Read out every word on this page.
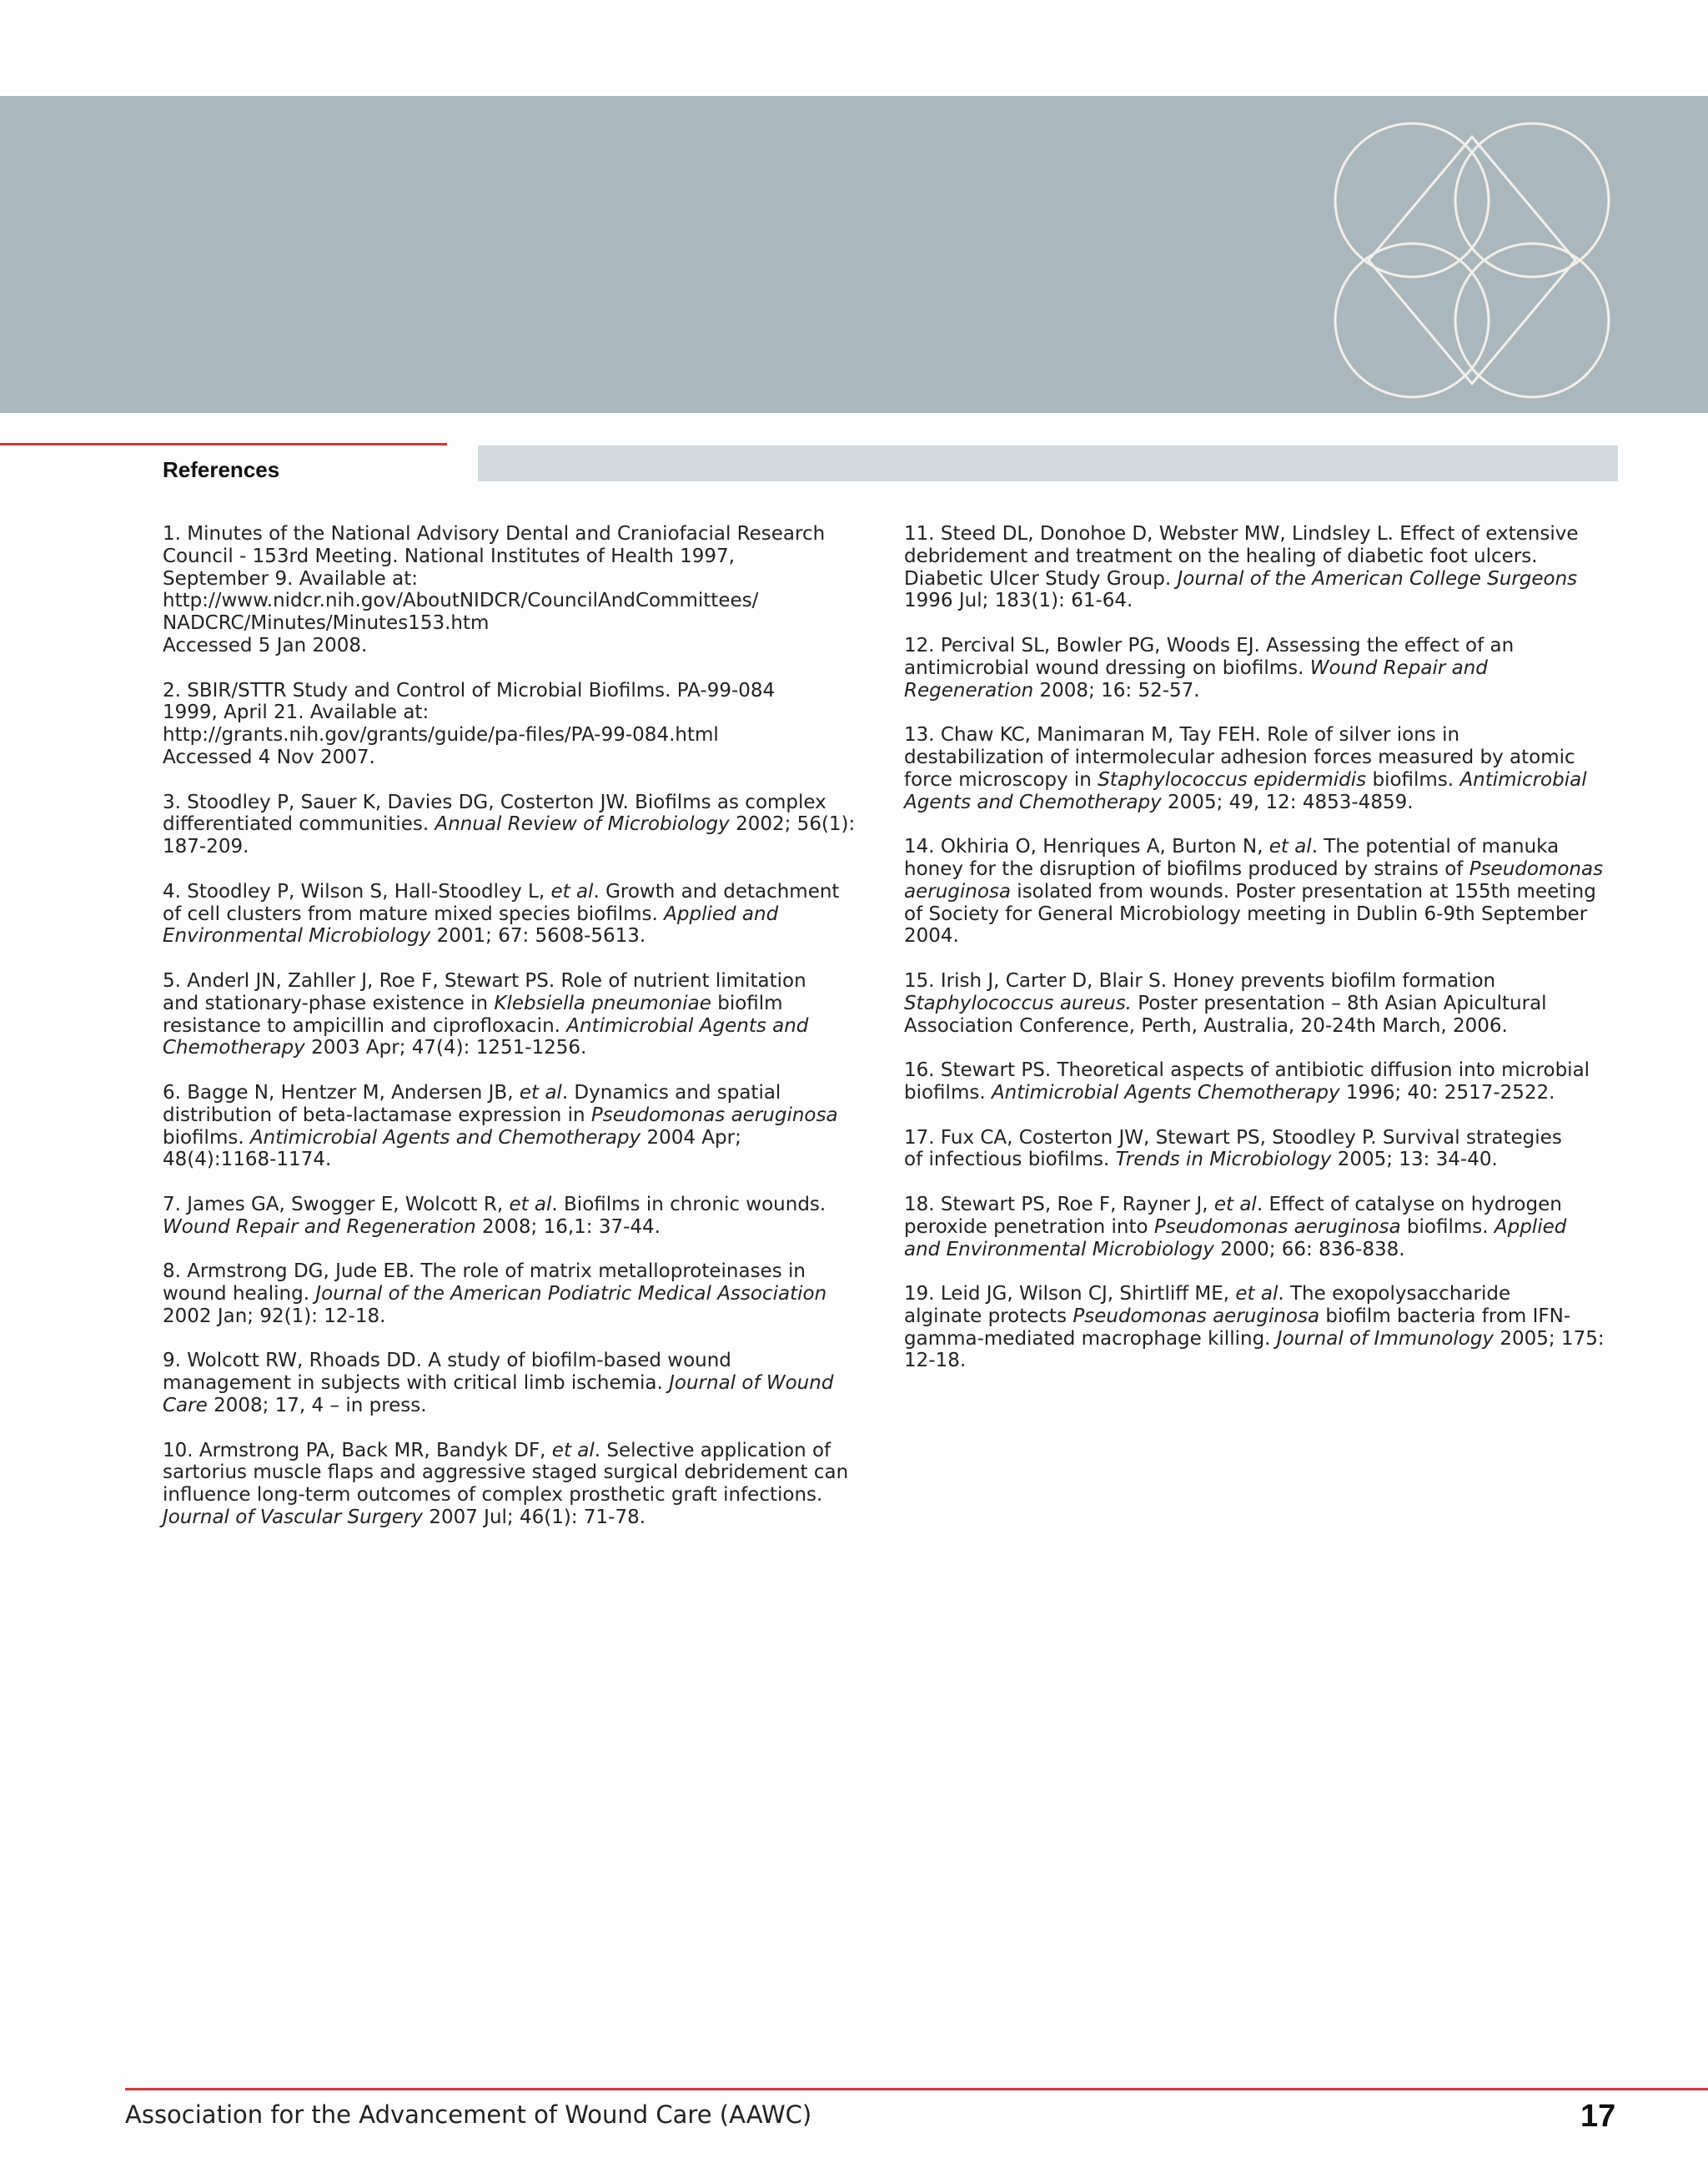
References
1. Minutes of the National Advisory Dental and Craniofacial Research
Council - 153rd Meeting. National Institutes of Health 1997,
September 9. Available at:
http://www.nidcr.nih.gov/AboutNIDCR/CouncilAndCommittees/
NADCRC/Minutes/Minutes153.htm
Accessed 5 Jan 2008.
2. SBIR/STTR Study and Control of Microbial Biofilms. PA-99-084
1999, April 21. Available at:
http://grants.nih.gov/grants/guide/pa-files/PA-99-084.html
Accessed 4 Nov 2007.
3. Stoodley P, Sauer K, Davies DG, Costerton JW. Biofilms as complex
differentiated communities. Annual Review of Microbiology 2002; 56(1):
187-209.
4. Stoodley P, Wilson S, Hall-Stoodley L, et al. Growth and detachment
of cell clusters from mature mixed species biofilms. Applied and
Environmental Microbiology 2001; 67: 5608-5613.
5. Anderl JN, Zahller J, Roe F, Stewart PS. Role of nutrient limitation
and stationary-phase existence in Klebsiella pneumoniae biofilm
resistance to ampicillin and ciprofloxacin. Antimicrobial Agents and
Chemotherapy 2003 Apr; 47(4): 1251-1256.
6. Bagge N, Hentzer M, Andersen JB, et al. Dynamics and spatial
distribution of beta-lactamase expression in Pseudomonas aeruginosa
biofilms. Antimicrobial Agents and Chemotherapy 2004 Apr;
48(4):1168-1174.
7. James GA, Swogger E, Wolcott R, et al. Biofilms in chronic wounds.
Wound Repair and Regeneration 2008; 16,1: 37-44.
8. Armstrong DG, Jude EB. The role of matrix metalloproteinases in
wound healing. Journal of the American Podiatric Medical Association
2002 Jan; 92(1): 12-18.
9. Wolcott RW, Rhoads DD. A study of biofilm-based wound
management in subjects with critical limb ischemia. Journal of Wound
Care 2008; 17, 4 – in press.
10. Armstrong PA, Back MR, Bandyk DF, et al. Selective application of
sartorius muscle flaps and aggressive staged surgical debridement can
influence long-term outcomes of complex prosthetic graft infections.
Journal of Vascular Surgery 2007 Jul; 46(1): 71-78.
11. Steed DL, Donohoe D, Webster MW, Lindsley L. Effect of extensive
debridement and treatment on the healing of diabetic foot ulcers.
Diabetic Ulcer Study Group. Journal of the American College Surgeons
1996 Jul; 183(1): 61-64.
12. Percival SL, Bowler PG, Woods EJ. Assessing the effect of an
antimicrobial wound dressing on biofilms. Wound Repair and
Regeneration 2008; 16: 52-57.
13. Chaw KC, Manimaran M, Tay FEH. Role of silver ions in
destabilization of intermolecular adhesion forces measured by atomic
force microscopy in Staphylococcus epidermidis biofilms. Antimicrobial
Agents and Chemotherapy 2005; 49, 12: 4853-4859.
14. Okhiria O, Henriques A, Burton N, et al. The potential of manuka
honey for the disruption of biofilms produced by strains of Pseudomonas
aeruginosa isolated from wounds. Poster presentation at 155th meeting
of Society for General Microbiology meeting in Dublin 6-9th September
2004.
15. Irish J, Carter D, Blair S. Honey prevents biofilm formation
Staphylococcus aureus. Poster presentation – 8th Asian Apicultural
Association Conference, Perth, Australia, 20-24th March, 2006.
16. Stewart PS. Theoretical aspects of antibiotic diffusion into microbial
biofilms. Antimicrobial Agents Chemotherapy 1996; 40: 2517-2522.
17. Fux CA, Costerton JW, Stewart PS, Stoodley P. Survival strategies
of infectious biofilms. Trends in Microbiology 2005; 13: 34-40.
18. Stewart PS, Roe F, Rayner J, et al. Effect of catalyse on hydrogen
peroxide penetration into Pseudomonas aeruginosa biofilms. Applied
and Environmental Microbiology 2000; 66: 836-838.
19. Leid JG, Wilson CJ, Shirtliff ME, et al. The exopolysaccharide
alginate protects Pseudomonas aeruginosa biofilm bacteria from IFN-
gamma-mediated macrophage killing. Journal of Immunology 2005; 175:
12-18.
Association for the Advancement of Wound Care (AAWC)	17
